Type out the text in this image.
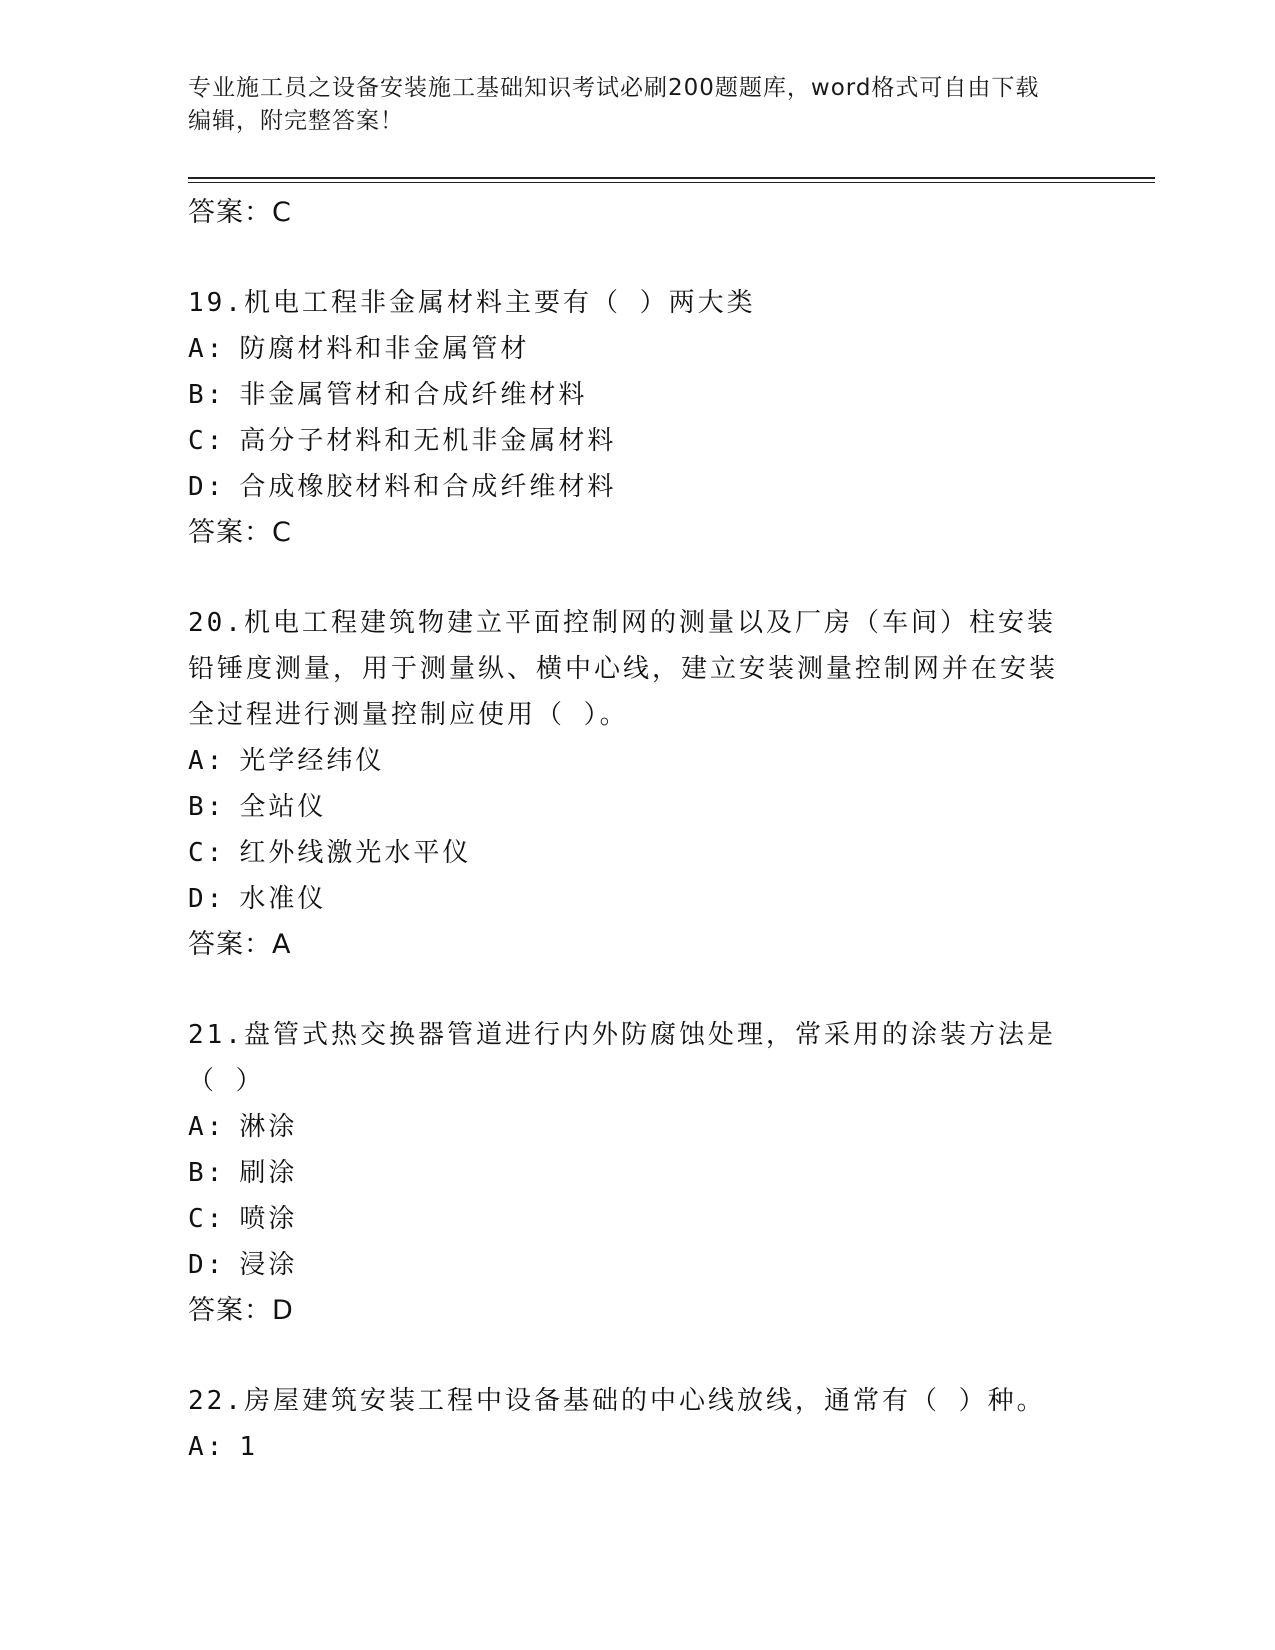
专业施工员之设备安装施工基础知识考试必刷200题题库，word格式可自由下载
编辑，附完整答案！
答案：C
19.机电工程非金属材料主要有（ ）两大类
A: 防腐材料和非金属管材
B: 非金属管材和合成纤维材料
C: 高分子材料和无机非金属材料
D: 合成橡胶材料和合成纤维材料
答案：C
20.机电工程建筑物建立平面控制网的测量以及厂房（车间）柱安装铅锤度测量，用于测量纵、横中心线，建立安装测量控制网并在安装全过程进行测量控制应使用（ ）。
A: 光学经纬仪
B: 全站仪
C: 红外线激光水平仪
D: 水准仪
答案：A
21.盘管式热交换器管道进行内外防腐蚀处理，常采用的涂装方法是（ ）
A: 淋涂
B: 刷涂
C: 喷涂
D: 浸涂
答案：D
22.房屋建筑安装工程中设备基础的中心线放线，通常有（ ）种。
A: 1
